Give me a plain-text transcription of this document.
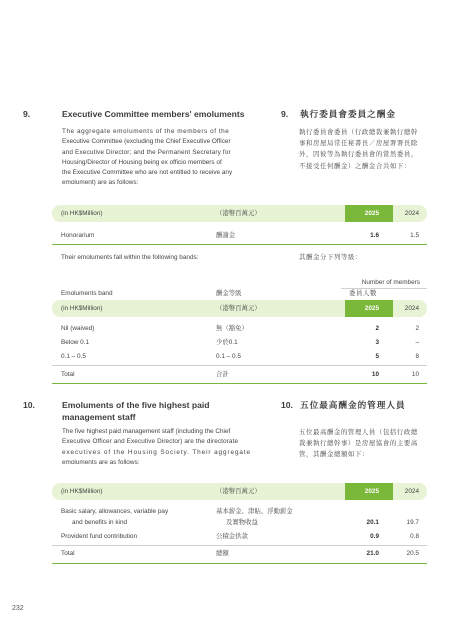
9.	Executive Committee members' emoluments	9. 執行委員會委員之酬金
The aggregate emoluments of the members of the
Executive Committee (excluding the Chief Executive Officer
and Executive Director; and the Permanent Secretary for
Housing/Director of Housing being ex officio members of
the Executive Committee who are not entitled to receive any
emolument) are as follows:
執行委員會委員（行政總裁兼執行總幹
事和房屋局常任秘書長／房屋署署長除
外，因彼等為執行委員會的當然委員，
不接受任何酬金）之酬金合共如下：
(in HK$Million)	（港幣百萬元）	2025	2024
Honorarium	酬謝金	1.6	1.5
Their emoluments fall within the following bands:	其酬金分下列等級：
Number of members
委員人數
Emoluments band	酬金等級
(in HK$Million)	（港幣百萬元）	2025	2024
Nil (waived)	無（豁免）	2	2
Below 0.1	少於0.1	3	–
0.1 – 0.5	0.1 – 0.5	5	8
Total	合計	10	10
10.	Emoluments of the five highest paid
management staff
10. 五位最高酬金的管理人員
The five highest paid management staff (including the Chief
Executive Officer and Executive Director) are the directorate
executives of the Housing Society. Their aggregate
emoluments are as follows:
五位最高酬金的管理人員（包括行政總
裁兼執行總幹事）是房屋協會的主要高
管，其酬金總額如下：
(in HK$Million)	（港幣百萬元）	2025	2024
Basic salary, allowances, variable pay
and benefits in kind
基本薪金、津貼、浮動薪金
及實物收益	20.1	19.7
Provident fund contribution	公積金供款	0.9	0.8
Total	總額	21.0	20.5
232
